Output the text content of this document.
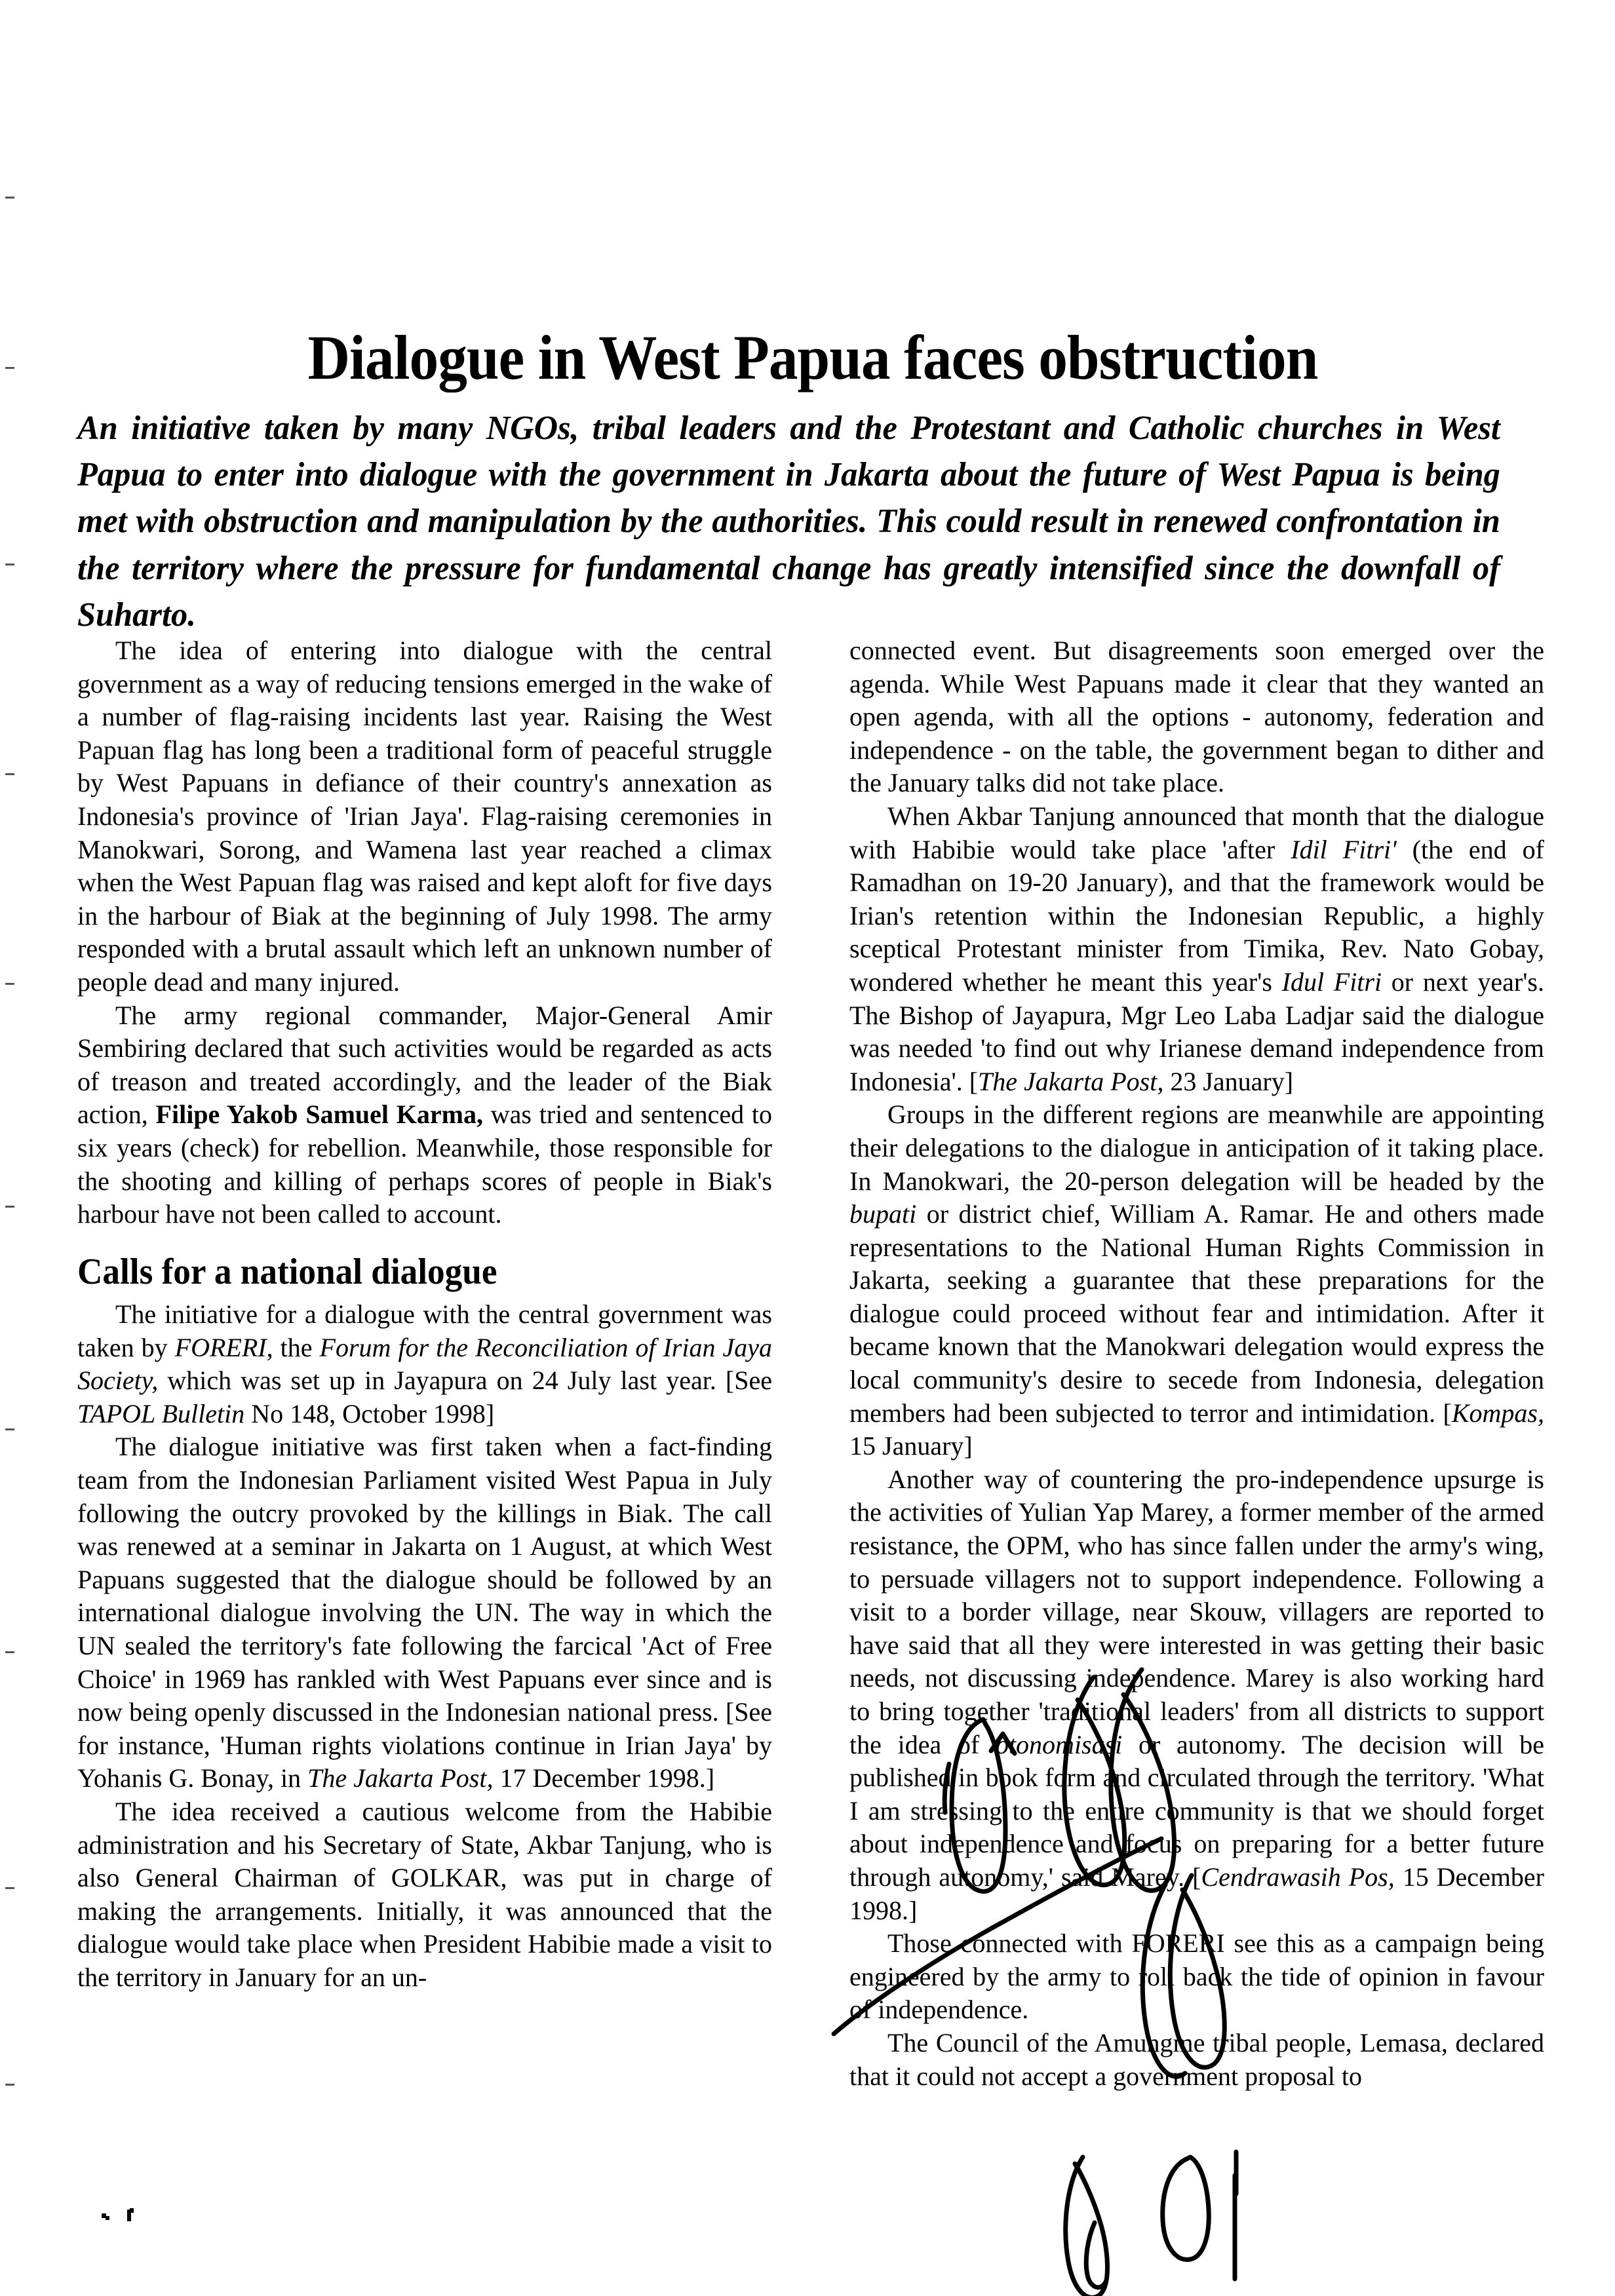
Dialogue in West Papua faces obstruction
An initiative taken by many NGOs, tribal leaders and the Protestant and Catholic churches in West Papua to enter into dialogue with the government in Jakarta about the future of West Papua is being met with obstruction and manipulation by the authorities. This could result in renewed confrontation in the territory where the pressure for fundamental change has greatly intensified since the downfall of Suharto.

The idea of entering into dialogue with the central government as a way of reducing tensions emerged in the wake of a number of flag-raising incidents last year. Raising the West Papuan flag has long been a traditional form of peaceful struggle by West Papuans in defiance of their country's annexation as Indonesia's province of 'Irian Jaya'. Flag-raising ceremonies in Manokwari, Sorong, and Wamena last year reached a climax when the West Papuan flag was raised and kept aloft for five days in the harbour of Biak at the beginning of July 1998. The army responded with a brutal assault which left an unknown number of people dead and many injured.

The army regional commander, Major-General Amir Sembiring declared that such activities would be regarded as acts of treason and treated accordingly, and the leader of the Biak action, Filipe Yakob Samuel Karma, was tried and sentenced to six years (check) for rebellion. Meanwhile, those responsible for the shooting and killing of perhaps scores of people in Biak's harbour have not been called to account.

Calls for a national dialogue

The initiative for a dialogue with the central government was taken by FORERI, the Forum for the Reconciliation of Irian Jaya Society, which was set up in Jayapura on 24 July last year. [See TAPOL Bulletin No 148, October 1998]

The dialogue initiative was first taken when a fact-finding team from the Indonesian Parliament visited West Papua in July following the outcry provoked by the killings in Biak. The call was renewed at a seminar in Jakarta on 1 August, at which West Papuans suggested that the dialogue should be followed by an international dialogue involving the UN. The way in which the UN sealed the territory's fate following the farcical 'Act of Free Choice' in 1969 has rankled with West Papuans ever since and is now being openly discussed in the Indonesian national press. [See for instance, 'Human rights violations continue in Irian Jaya' by Yohanis G. Bonay, in The Jakarta Post, 17 December 1998.]

The idea received a cautious welcome from the Habibie administration and his Secretary of State, Akbar Tanjung, who is also General Chairman of GOLKAR, was put in charge of making the arrangements. Initially, it was announced that the dialogue would take place when President Habibie made a visit to the territory in January for an un-

connected event. But disagreements soon emerged over the agenda. While West Papuans made it clear that they wanted an open agenda, with all the options - autonomy, federation and independence - on the table, the government began to dither and the January talks did not take place.

When Akbar Tanjung announced that month that the dialogue with Habibie would take place 'after Idil Fitri' (the end of Ramadhan on 19-20 January), and that the framework would be Irian's retention within the Indonesian Republic, a highly sceptical Protestant minister from Timika, Rev. Nato Gobay, wondered whether he meant this year's Idul Fitri or next year's. The Bishop of Jayapura, Mgr Leo Laba Ladjar said the dialogue was needed 'to find out why Irianese demand independence from Indonesia'. [The Jakarta Post, 23 January]

Groups in the different regions are meanwhile are appointing their delegations to the dialogue in anticipation of it taking place. In Manokwari, the 20-person delegation will be headed by the bupati or district chief, William A. Ramar. He and others made representations to the National Human Rights Commission in Jakarta, seeking a guarantee that these preparations for the dialogue could proceed without fear and intimidation. After it became known that the Manokwari delegation would express the local community's desire to secede from Indonesia, delegation members had been subjected to terror and intimidation. [Kompas, 15 January]

Another way of countering the pro-independence upsurge is the activities of Yulian Yap Marey, a former member of the armed resistance, the OPM, who has since fallen under the army's wing, to persuade villagers not to support independence. Following a visit to a border village, near Skouw, villagers are reported to have said that all they were interested in was getting their basic needs, not discussing independence. Marey is also working hard to bring together 'traditional leaders' from all districts to support the idea of otonomisasi or autonomy. The decision will be published in book form and circulated through the territory. 'What I am stressing to the entire community is that we should forget about independence and focus on preparing for a better future through autonomy,' said Marey. [Cendrawasih Pos, 15 December 1998.]

Those connected with FORERI see this as a campaign being engineered by the army to roll back the tide of opinion in favour of independence.

The Council of the Amungme tribal people, Lemasa, declared that it could not accept a government proposal to
